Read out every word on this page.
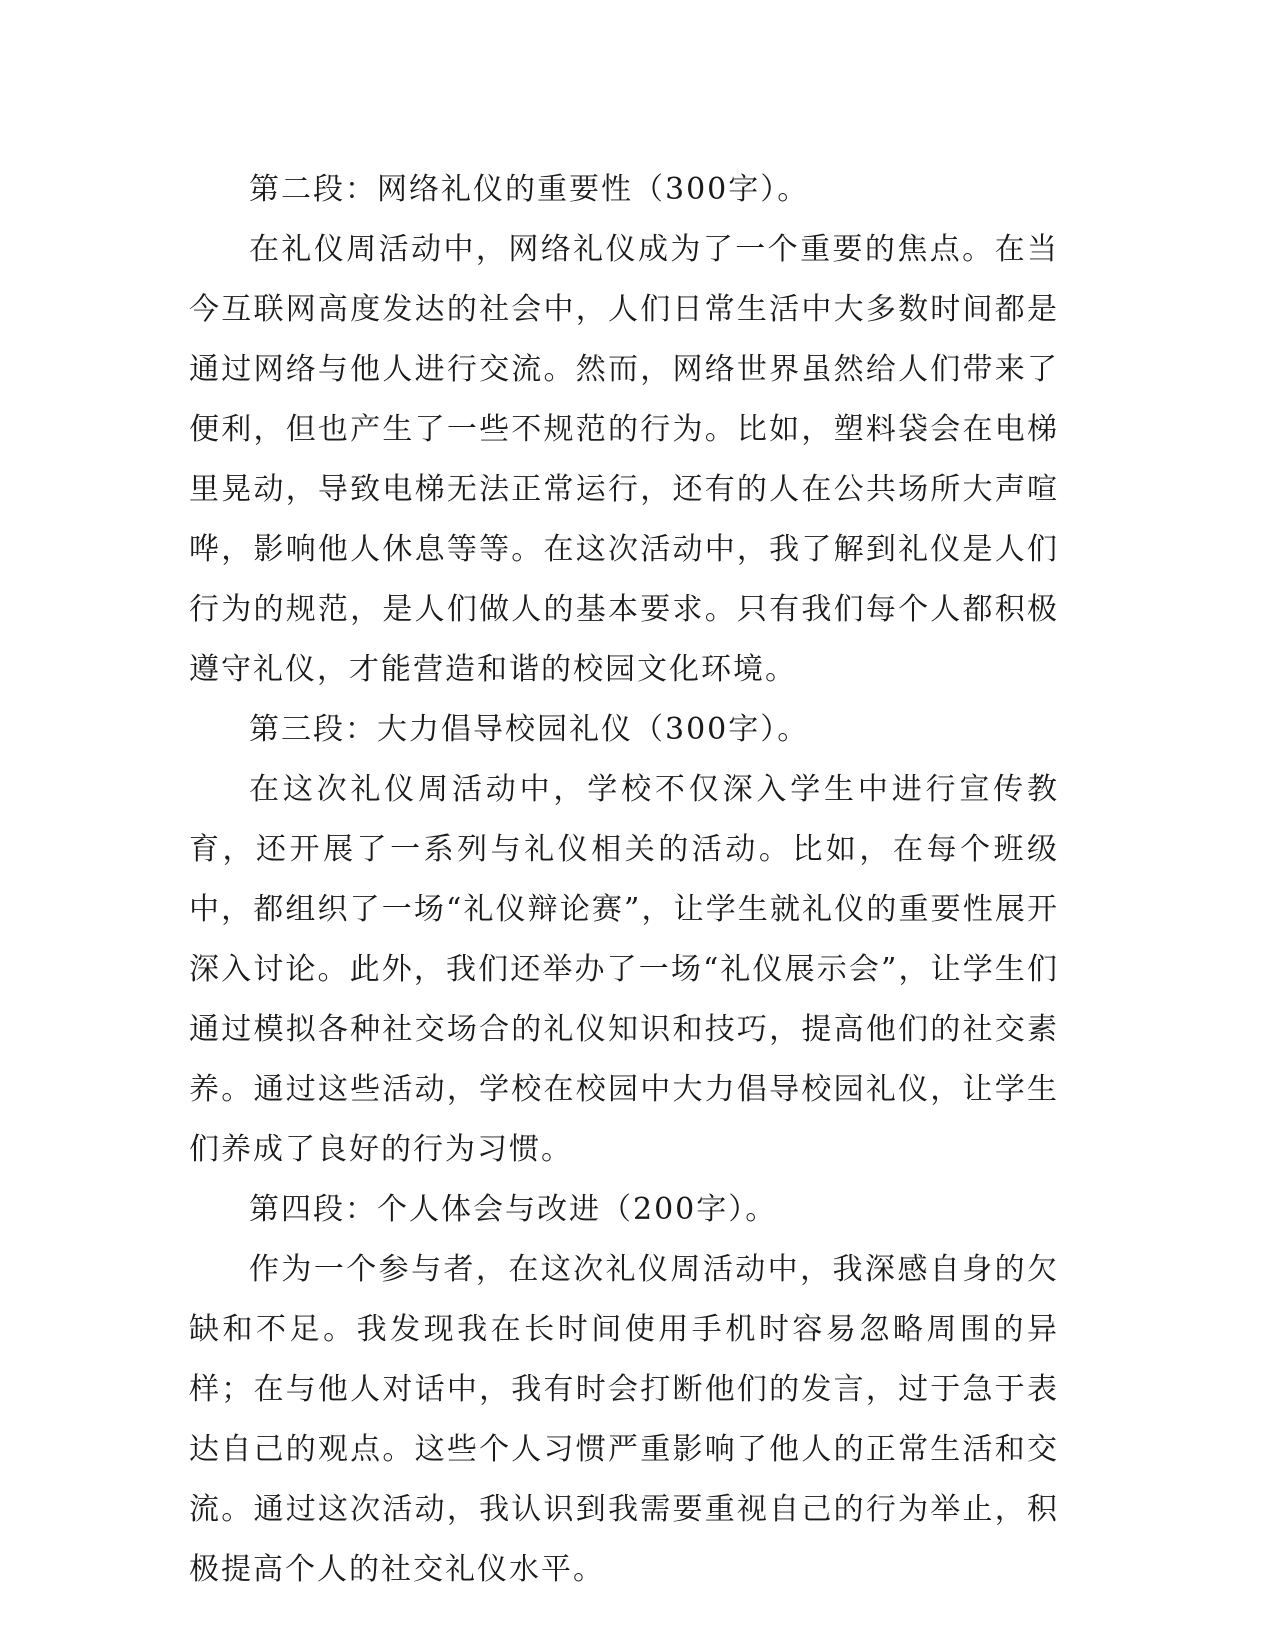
第二段：网络礼仪的重要性（300字）。

在礼仪周活动中，网络礼仪成为了一个重要的焦点。在当今互联网高度发达的社会中，人们日常生活中大多数时间都是通过网络与他人进行交流。然而，网络世界虽然给人们带来了便利，但也产生了一些不规范的行为。比如，塑料袋会在电梯里晃动，导致电梯无法正常运行，还有的人在公共场所大声喧哗，影响他人休息等等。在这次活动中，我了解到礼仪是人们行为的规范，是人们做人的基本要求。只有我们每个人都积极遵守礼仪，才能营造和谐的校园文化环境。

第三段：大力倡导校园礼仪（300字）。

在这次礼仪周活动中，学校不仅深入学生中进行宣传教育，还开展了一系列与礼仪相关的活动。比如，在每个班级中，都组织了一场“礼仪辩论赛”，让学生就礼仪的重要性展开深入讨论。此外，我们还举办了一场“礼仪展示会”，让学生们通过模拟各种社交场合的礼仪知识和技巧，提高他们的社交素养。通过这些活动，学校在校园中大力倡导校园礼仪，让学生们养成了良好的行为习惯。

第四段：个人体会与改进（200字）。

作为一个参与者，在这次礼仪周活动中，我深感自身的欠缺和不足。我发现我在长时间使用手机时容易忽略周围的异样；在与他人对话中，我有时会打断他们的发言，过于急于表达自己的观点。这些个人习惯严重影响了他人的正常生活和交流。通过这次活动，我认识到我需要重视自己的行为举止，积极提高个人的社交礼仪水平。
